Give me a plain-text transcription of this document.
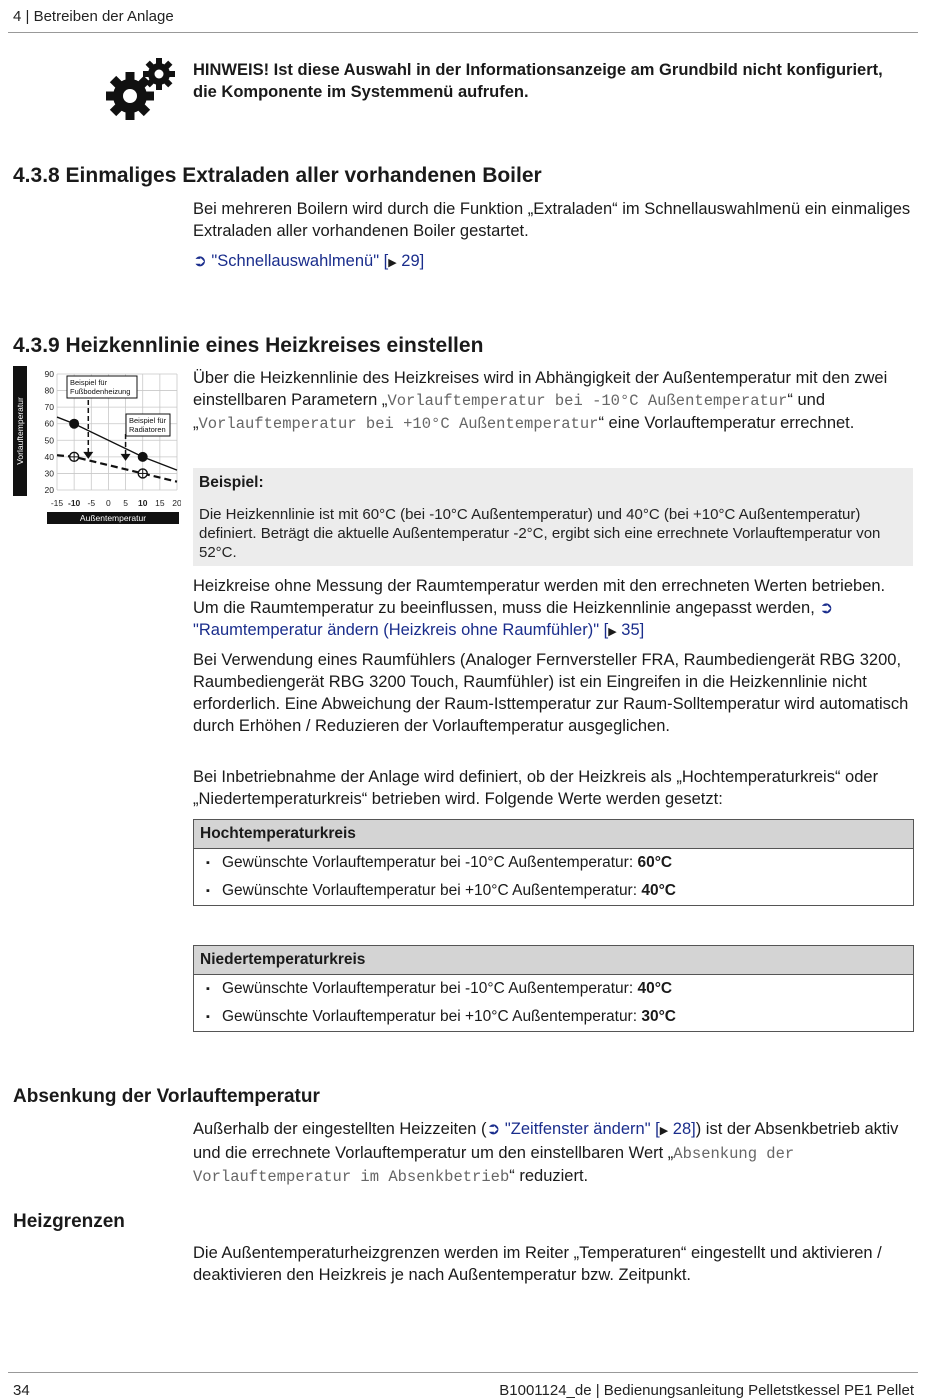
4 | Betreiben der Anlage
HINWEIS! Ist diese Auswahl in der Informationsanzeige am Grundbild nicht konfiguriert, die Komponente im Systemmenü aufrufen.
4.3.8 Einmaliges Extraladen aller vorhandenen Boiler
Bei mehreren Boilern wird durch die Funktion „Extraladen“ im Schnellauswahlmenü ein einmaliges Extraladen aller vorhandenen Boiler gestartet.
➲ "Schnellauswahlmenü" [▶ 29]
4.3.9 Heizkennlinie eines Heizkreises einstellen
Vorlauftemperatur
90
80
70
60
50
40
30
20
-15 -10 -5 0 5 10 15 20
Außentemperatur
Beispiel für
Fußbodenheizung
Beispiel für
Radiatoren
Über die Heizkennlinie des Heizkreises wird in Abhängigkeit der Außentemperatur mit den zwei einstellbaren Parametern „Vorlauftemperatur bei -10°C Außentemperatur“ und „Vorlauftemperatur bei +10°C Außentemperatur“ eine Vorlauftemperatur errechnet.
Beispiel:
Die Heizkennlinie ist mit 60°C (bei -10°C Außentemperatur) und 40°C (bei +10°C Außentemperatur) definiert. Beträgt die aktuelle Außentemperatur -2°C, ergibt sich eine errechnete Vorlauftemperatur von 52°C.
Heizkreise ohne Messung der Raumtemperatur werden mit den errechneten Werten betrieben. Um die Raumtemperatur zu beeinflussen, muss die Heizkennlinie angepasst werden, ➲ "Raumtemperatur ändern (Heizkreis ohne Raumfühler)" [▶ 35]
Bei Verwendung eines Raumfühlers (Analoger Fernversteller FRA, Raumbediengerät RBG 3200, Raumbediengerät RBG 3200 Touch, Raumfühler) ist ein Eingreifen in die Heizkennlinie nicht erforderlich. Eine Abweichung der Raum-Isttemperatur zur Raum-Solltemperatur wird automatisch durch Erhöhen / Reduzieren der Vorlauftemperatur ausgeglichen.
Bei Inbetriebnahme der Anlage wird definiert, ob der Heizkreis als „Hochtemperaturkreis“ oder „Niedertemperaturkreis“ betrieben wird. Folgende Werte werden gesetzt:
Hochtemperaturkreis
▪ Gewünschte Vorlauftemperatur bei -10°C Außentemperatur: 60°C
▪ Gewünschte Vorlauftemperatur bei +10°C Außentemperatur: 40°C
Niedertemperaturkreis
▪ Gewünschte Vorlauftemperatur bei -10°C Außentemperatur: 40°C
▪ Gewünschte Vorlauftemperatur bei +10°C Außentemperatur: 30°C
Absenkung der Vorlauftemperatur
Außerhalb der eingestellten Heizzeiten (➲ "Zeitfenster ändern" [▶ 28]) ist der Absenkbetrieb aktiv und die errechnete Vorlauftemperatur um den einstellbaren Wert „Absenkung der Vorlauftemperatur im Absenkbetrieb“ reduziert.
Heizgrenzen
Die Außentemperaturheizgrenzen werden im Reiter „Temperaturen“ eingestellt und aktivieren / deaktivieren den Heizkreis je nach Außentemperatur bzw. Zeitpunkt.
34	B1001124_de | Bedienungsanleitung Pelletstkessel PE1 Pellet
